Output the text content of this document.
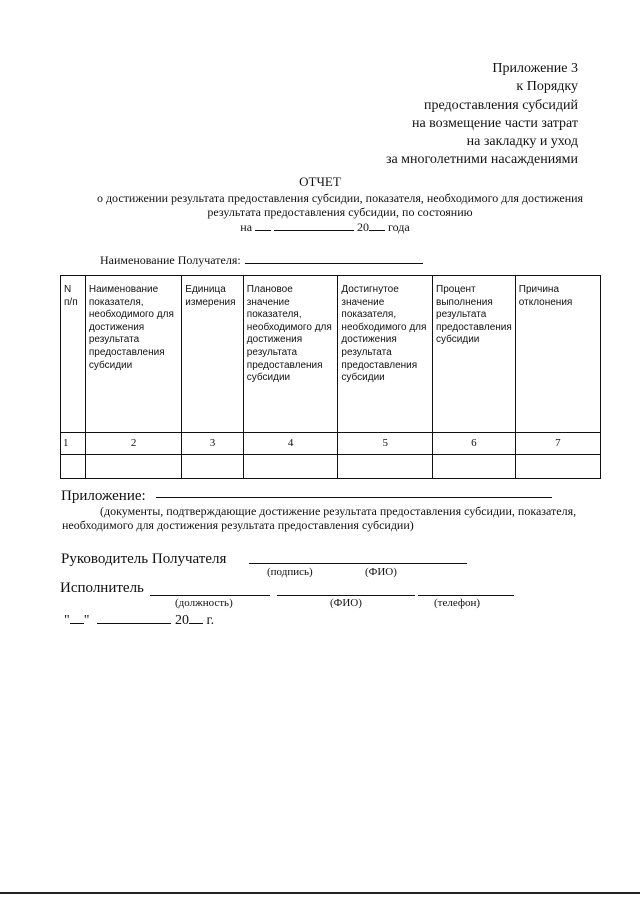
Приложение 3
к Порядку
предоставления субсидий
на возмещение части затрат
на закладку и уход
за многолетними насаждениями
ОТЧЕТ
о достижении результата предоставления субсидии, показателя, необходимого для достижения результата предоставления субсидии, по состоянию
на	20 года
Наименование Получателя:
N п/п	Наименование показателя, необходимого для достижения результата предоставления субсидии	Единица измерения	Плановое значение показателя, необходимого для достижения результата предоставления субсидии	Достигнутое значение показателя, необходимого для достижения результата предоставления субсидии	Процент выполнения результата предоставления субсидии	Причина отклонения
1	2	3	4	5	6	7

Приложение:
(документы, подтверждающие достижение результата предоставления субсидии, показателя, необходимого для достижения результата предоставления субсидии)
Руководитель Получателя
(подпись)	(ФИО)
Исполнитель
(должность)	(ФИО)	(телефон)
" "	20 г.
